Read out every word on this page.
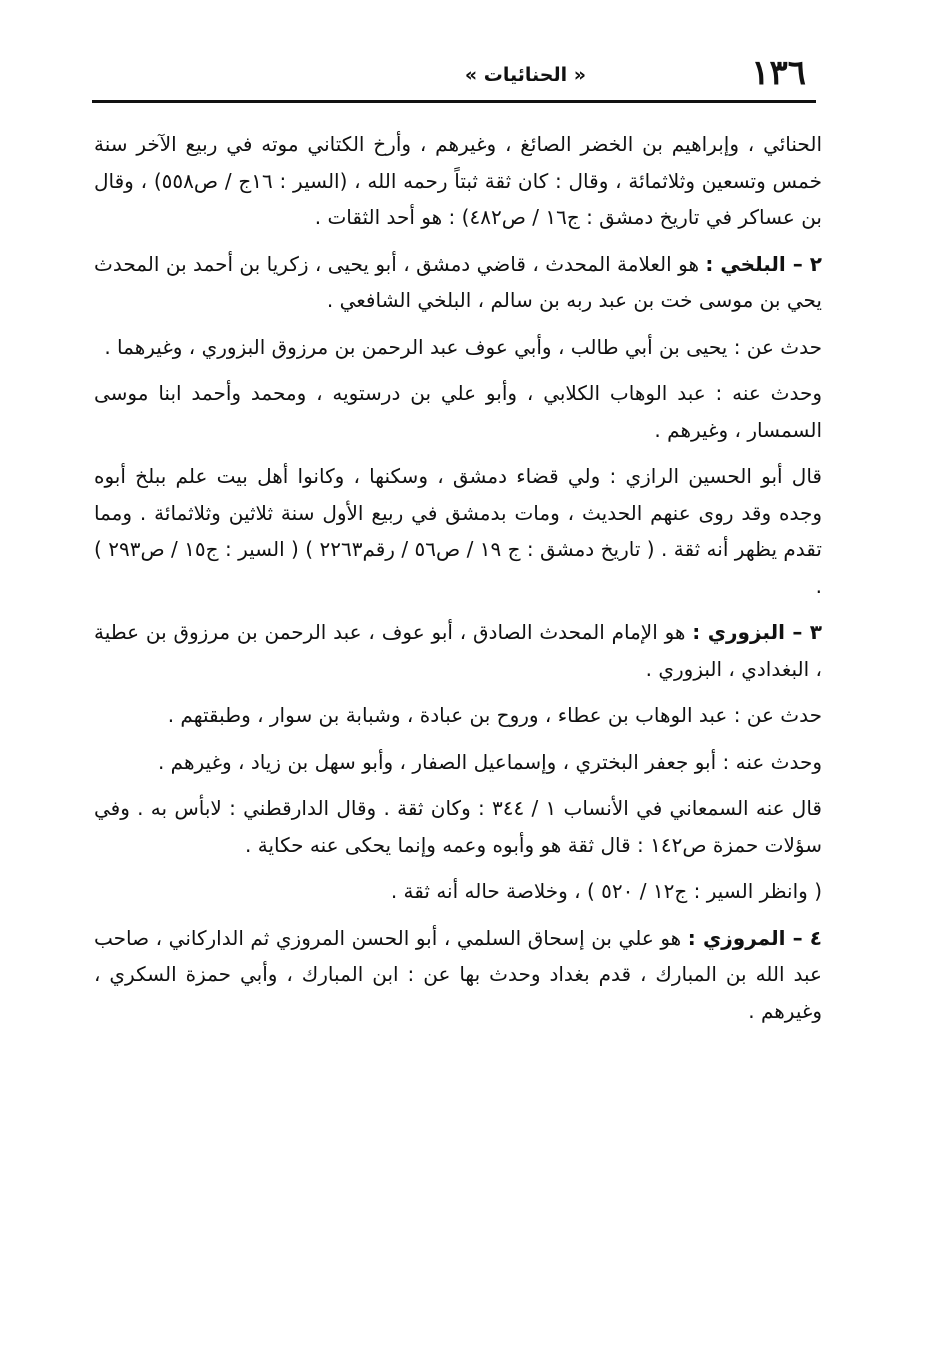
١٣٦
« الحنائيات »

الحنائي ، وإبراهيم بن الخضر الصائغ ، وغيرهم ، وأرخ الكتاني موته في ربيع الآخر سنة خمس وتسعين وثلاثمائة ، وقال : كان ثقة ثبتاً رحمه الله ، (السير : ١٦ج / ص٥٥٨) ، وقال بن عساكر في تاريخ دمشق : ج١٦ / ص٤٨٢) : هو أحد الثقات .

٢ – البلخي : هو العلامة المحدث ، قاضي دمشق ، أبو يحيى ، زكريا بن أحمد بن المحدث يحي بن موسى خت بن عبد ربه بن سالم ، البلخي الشافعي .

حدث عن : يحيى بن أبي طالب ، وأبي عوف عبد الرحمن بن مرزوق البزوري ، وغيرهما .

وحدث عنه : عبد الوهاب الكلابي ، وأبو علي بن درستويه ، ومحمد وأحمد ابنا موسى السمسار ، وغيرهم .

قال أبو الحسين الرازي : ولي قضاء دمشق ، وسكنها ، وكانوا أهل بيت علم ببلخ أبوه وجده وقد روى عنهم الحديث ، ومات بدمشق في ربيع الأول سنة ثلاثين وثلاثمائة . ومما تقدم يظهر أنه ثقة . ( تاريخ دمشق : ج ١٩ / ص٥٦ / رقم٢٢٦٣ ) ( السير : ج١٥ / ص٢٩٣ ) .

٣ – البزوري : هو الإمام المحدث الصادق ، أبو عوف ، عبد الرحمن بن مرزوق بن عطية ، البغدادي ، البزوري .

حدث عن : عبد الوهاب بن عطاء ، وروح بن عبادة ، وشبابة بن سوار ، وطبقتهم .

وحدث عنه : أبو جعفر البختري ، وإسماعيل الصفار ، وأبو سهل بن زياد ، وغيرهم .

قال عنه السمعاني في الأنساب ١ / ٣٤٤ : وكان ثقة . وقال الدارقطني : لابأس به . وفي سؤلات حمزة ص١٤٢ : قال ثقة هو وأبوه وعمه وإنما يحكى عنه حكاية .

( وانظر السير : ج١٢ / ٥٢٠ ) ، وخلاصة حاله أنه ثقة .

٤ – المروزي : هو علي بن إسحاق السلمي ، أبو الحسن المروزي ثم الداركاني ، صاحب عبد الله بن المبارك ، قدم بغداد وحدث بها عن : ابن المبارك ، وأبي حمزة السكري ، وغيرهم .
